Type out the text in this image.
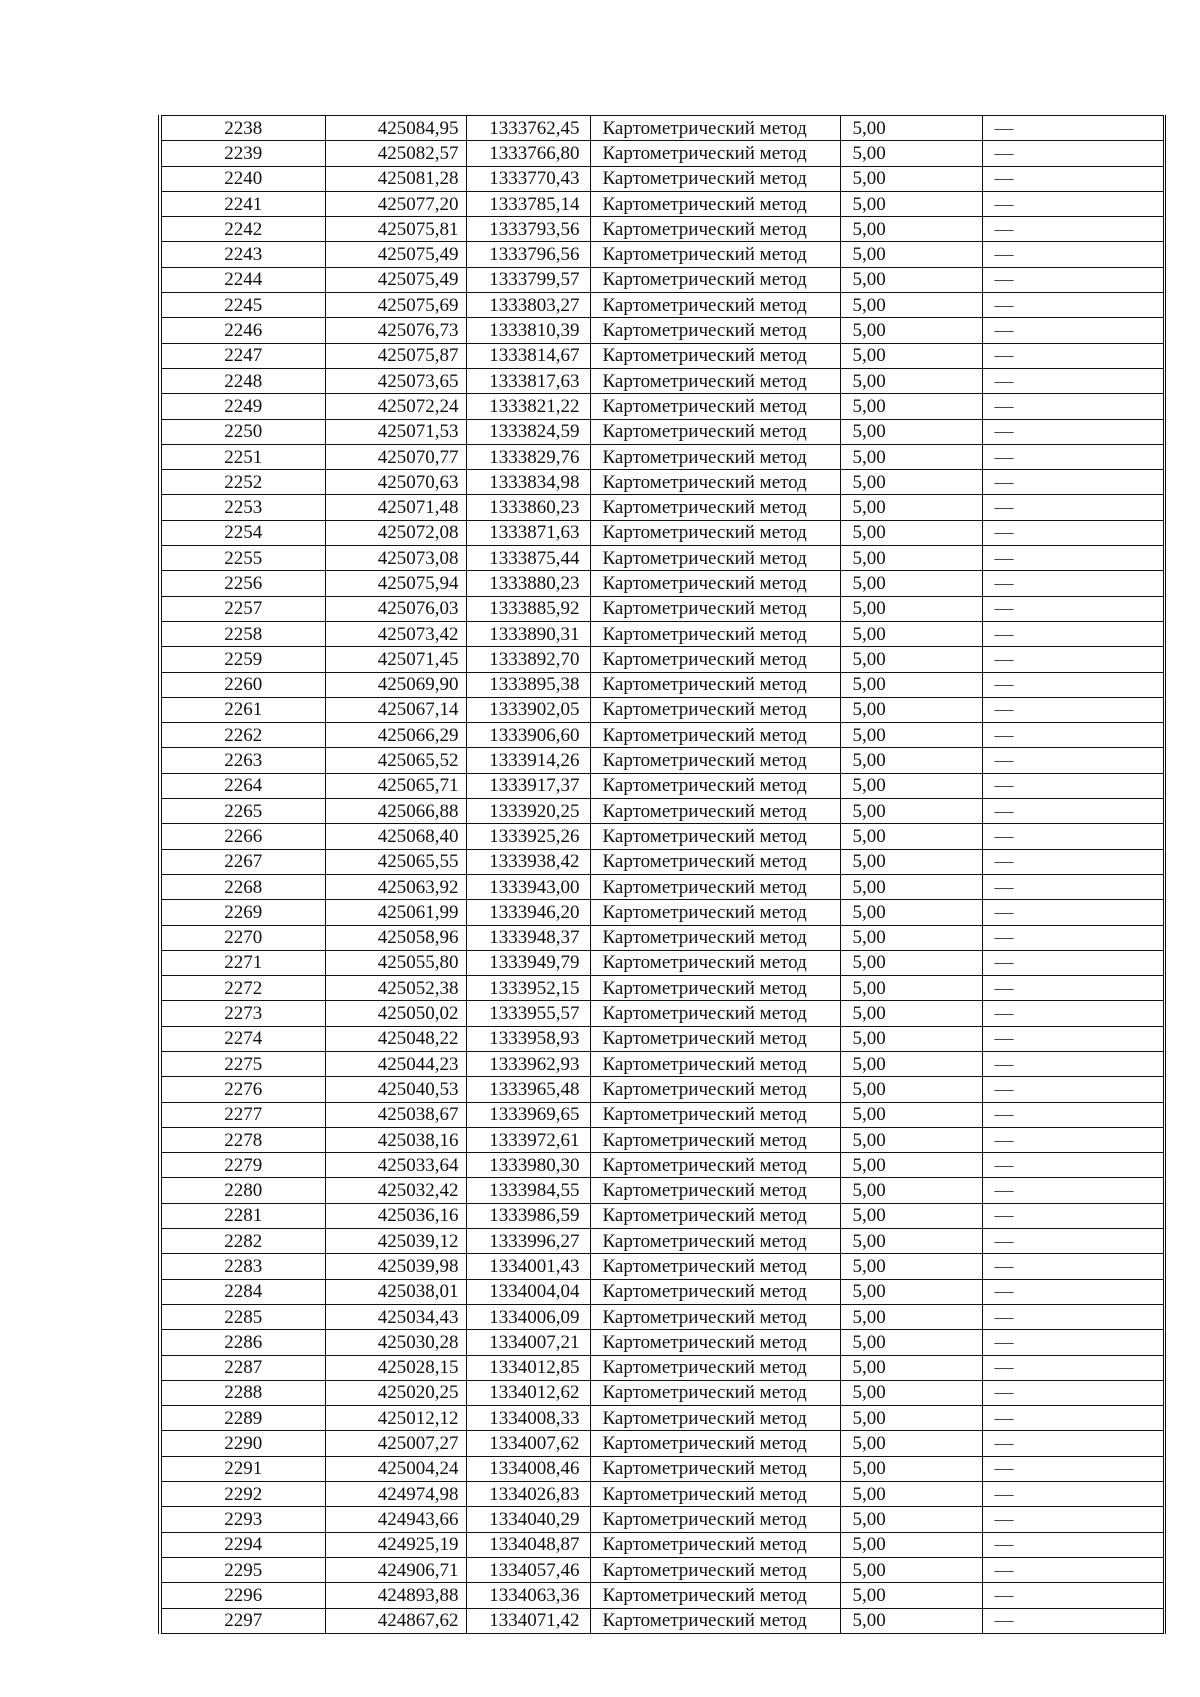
2238	425084,95	1333762,45	Картометрический метод	5,00	—
2239	425082,57	1333766,80	Картометрический метод	5,00	—
2240	425081,28	1333770,43	Картометрический метод	5,00	—
2241	425077,20	1333785,14	Картометрический метод	5,00	—
2242	425075,81	1333793,56	Картометрический метод	5,00	—
2243	425075,49	1333796,56	Картометрический метод	5,00	—
2244	425075,49	1333799,57	Картометрический метод	5,00	—
2245	425075,69	1333803,27	Картометрический метод	5,00	—
2246	425076,73	1333810,39	Картометрический метод	5,00	—
2247	425075,87	1333814,67	Картометрический метод	5,00	—
2248	425073,65	1333817,63	Картометрический метод	5,00	—
2249	425072,24	1333821,22	Картометрический метод	5,00	—
2250	425071,53	1333824,59	Картометрический метод	5,00	—
2251	425070,77	1333829,76	Картометрический метод	5,00	—
2252	425070,63	1333834,98	Картометрический метод	5,00	—
2253	425071,48	1333860,23	Картометрический метод	5,00	—
2254	425072,08	1333871,63	Картометрический метод	5,00	—
2255	425073,08	1333875,44	Картометрический метод	5,00	—
2256	425075,94	1333880,23	Картометрический метод	5,00	—
2257	425076,03	1333885,92	Картометрический метод	5,00	—
2258	425073,42	1333890,31	Картометрический метод	5,00	—
2259	425071,45	1333892,70	Картометрический метод	5,00	—
2260	425069,90	1333895,38	Картометрический метод	5,00	—
2261	425067,14	1333902,05	Картометрический метод	5,00	—
2262	425066,29	1333906,60	Картометрический метод	5,00	—
2263	425065,52	1333914,26	Картометрический метод	5,00	—
2264	425065,71	1333917,37	Картометрический метод	5,00	—
2265	425066,88	1333920,25	Картометрический метод	5,00	—
2266	425068,40	1333925,26	Картометрический метод	5,00	—
2267	425065,55	1333938,42	Картометрический метод	5,00	—
2268	425063,92	1333943,00	Картометрический метод	5,00	—
2269	425061,99	1333946,20	Картометрический метод	5,00	—
2270	425058,96	1333948,37	Картометрический метод	5,00	—
2271	425055,80	1333949,79	Картометрический метод	5,00	—
2272	425052,38	1333952,15	Картометрический метод	5,00	—
2273	425050,02	1333955,57	Картометрический метод	5,00	—
2274	425048,22	1333958,93	Картометрический метод	5,00	—
2275	425044,23	1333962,93	Картометрический метод	5,00	—
2276	425040,53	1333965,48	Картометрический метод	5,00	—
2277	425038,67	1333969,65	Картометрический метод	5,00	—
2278	425038,16	1333972,61	Картометрический метод	5,00	—
2279	425033,64	1333980,30	Картометрический метод	5,00	—
2280	425032,42	1333984,55	Картометрический метод	5,00	—
2281	425036,16	1333986,59	Картометрический метод	5,00	—
2282	425039,12	1333996,27	Картометрический метод	5,00	—
2283	425039,98	1334001,43	Картометрический метод	5,00	—
2284	425038,01	1334004,04	Картометрический метод	5,00	—
2285	425034,43	1334006,09	Картометрический метод	5,00	—
2286	425030,28	1334007,21	Картометрический метод	5,00	—
2287	425028,15	1334012,85	Картометрический метод	5,00	—
2288	425020,25	1334012,62	Картометрический метод	5,00	—
2289	425012,12	1334008,33	Картометрический метод	5,00	—
2290	425007,27	1334007,62	Картометрический метод	5,00	—
2291	425004,24	1334008,46	Картометрический метод	5,00	—
2292	424974,98	1334026,83	Картометрический метод	5,00	—
2293	424943,66	1334040,29	Картометрический метод	5,00	—
2294	424925,19	1334048,87	Картометрический метод	5,00	—
2295	424906,71	1334057,46	Картометрический метод	5,00	—
2296	424893,88	1334063,36	Картометрический метод	5,00	—
2297	424867,62	1334071,42	Картометрический метод	5,00	—
